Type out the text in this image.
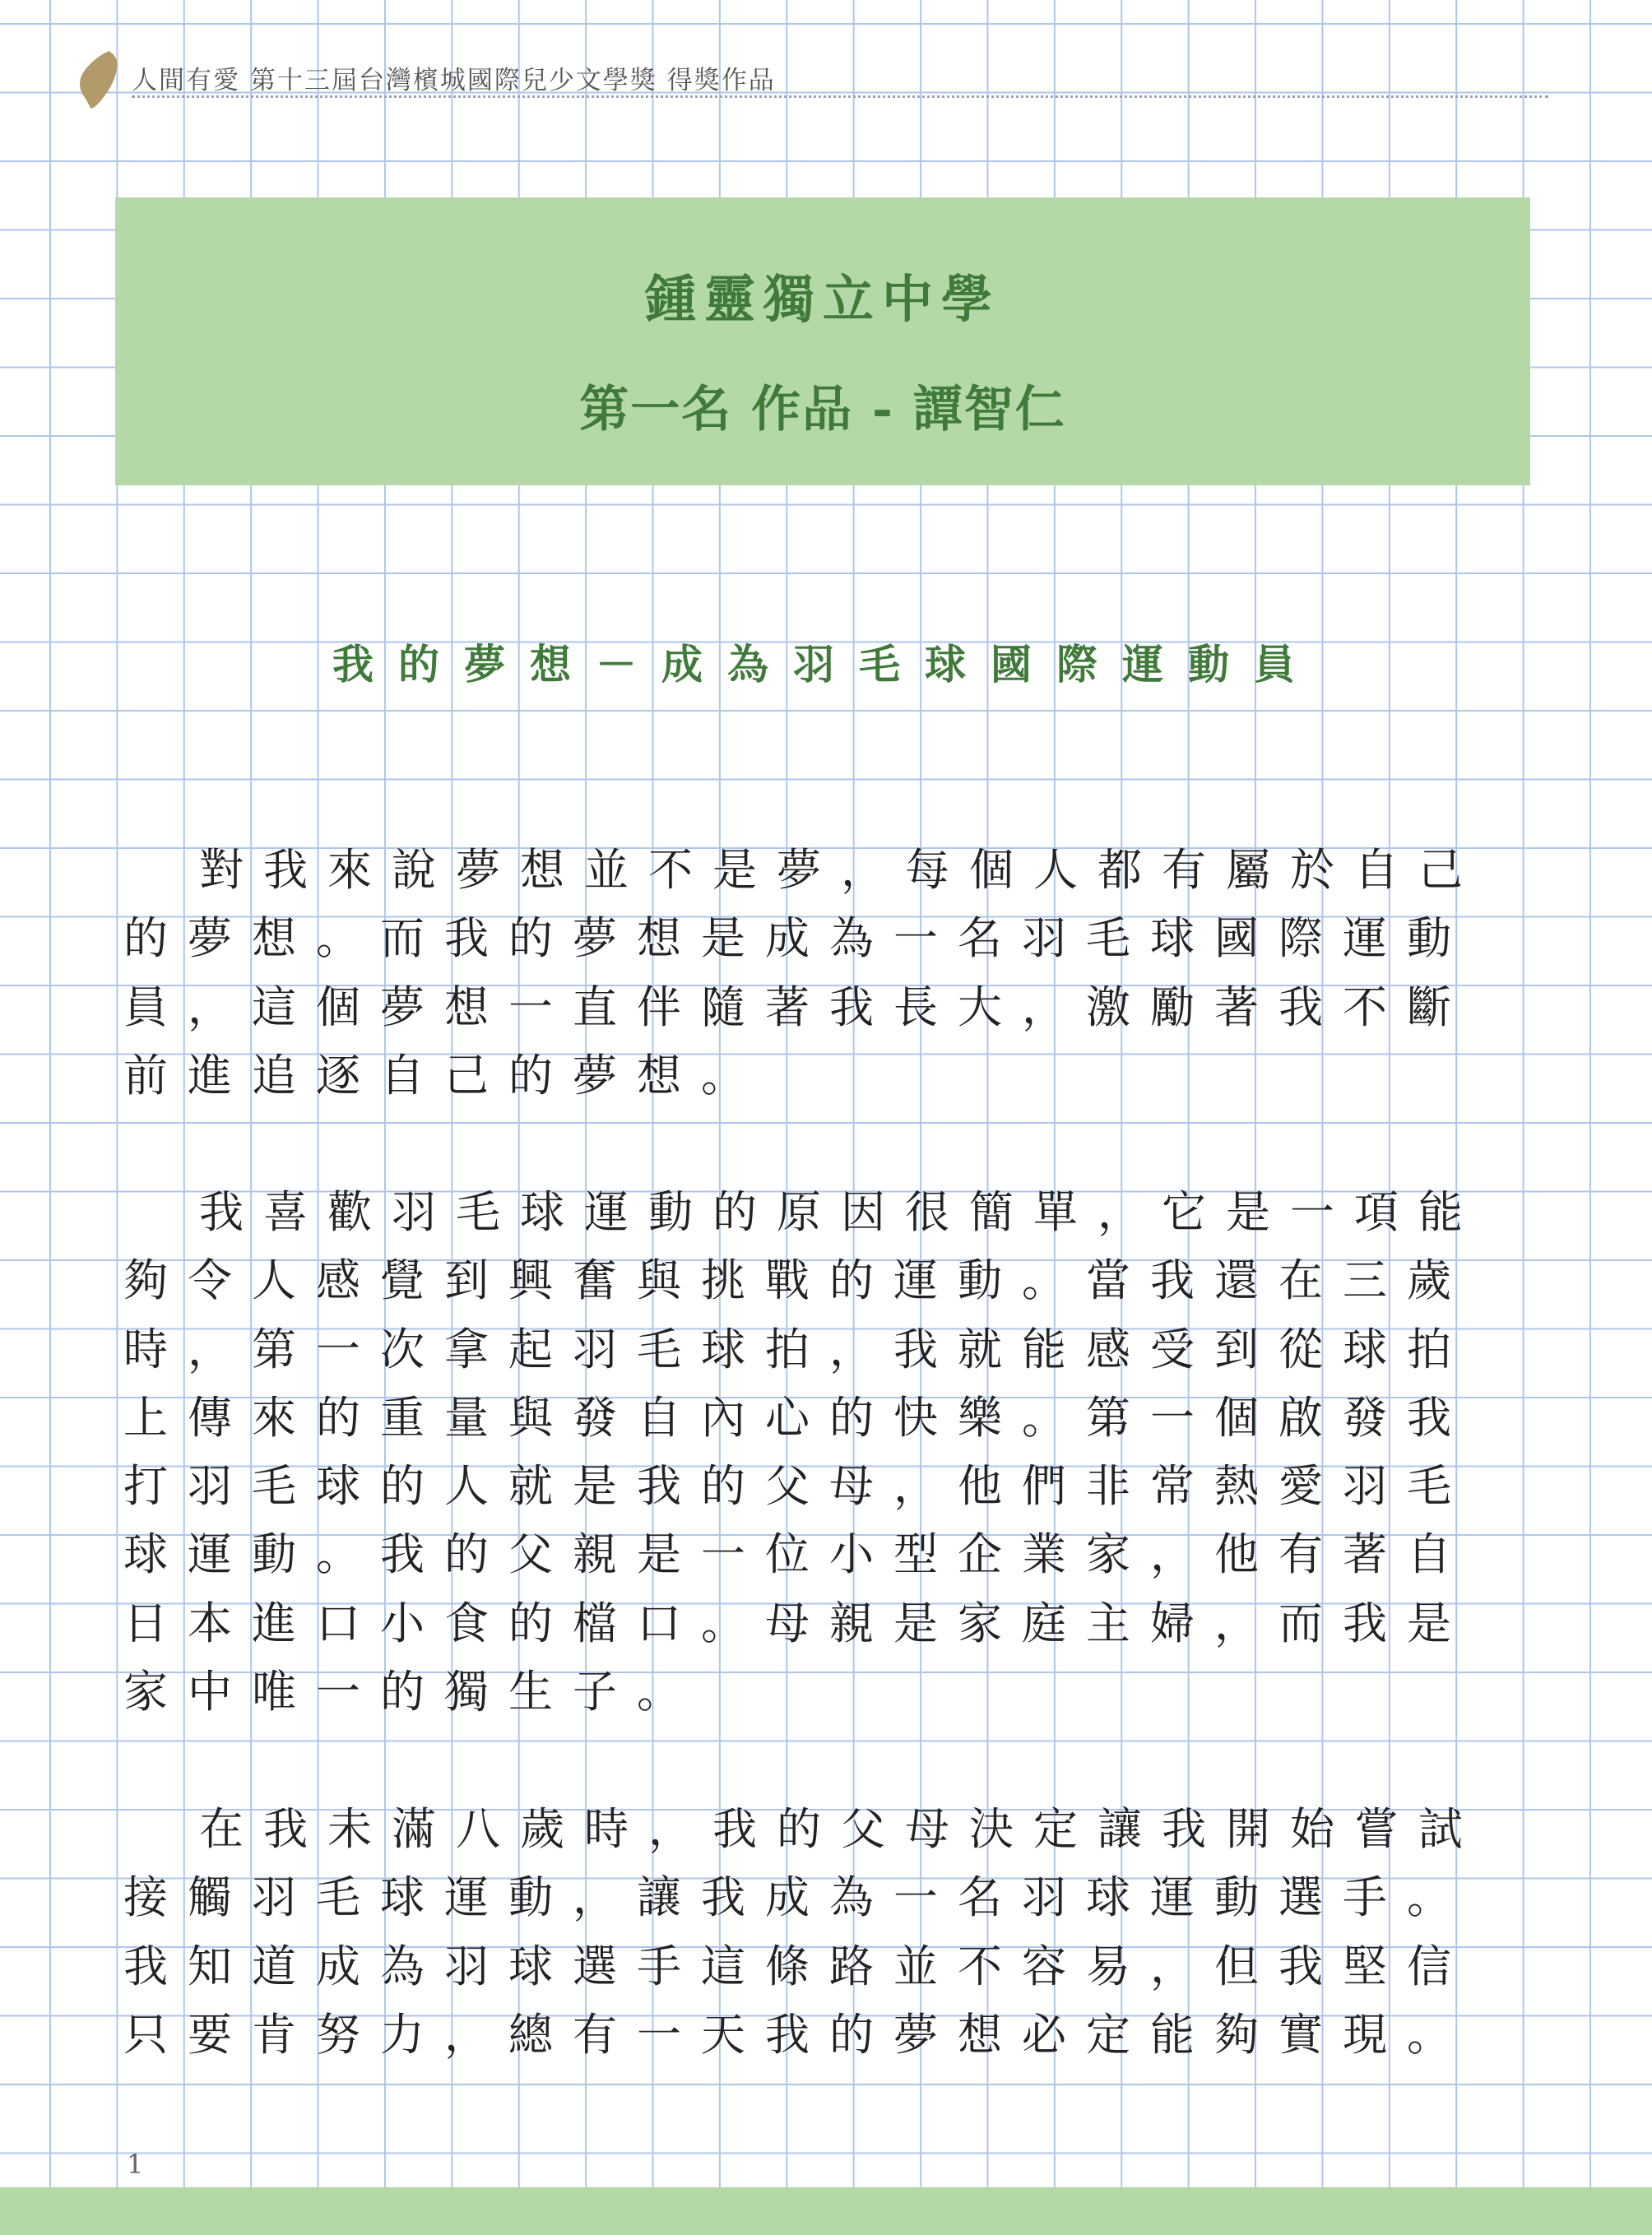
人間有愛 第十三屆台灣檳城國際兒少文學獎 得獎作品
鍾靈獨立中學
第一名 作品 - 譚智仁
我的夢想－成為羽毛球國際運動員
對我來說夢想並不是夢，每個人都有屬於自己
的夢想。而我的夢想是成為一名羽毛球國際運動
員，這個夢想一直伴隨著我長大，激勵著我不斷
前進追逐自己的夢想。
我喜歡羽毛球運動的原因很簡單，它是一項能
夠令人感覺到興奮與挑戰的運動。當我還在三歲
時，第一次拿起羽毛球拍，我就能感受到從球拍
上傳來的重量與發自內心的快樂。第一個啟發我
打羽毛球的人就是我的父母，他們非常熱愛羽毛
球運動。我的父親是一位小型企業家，他有著自
日本進口小食的檔口。母親是家庭主婦，而我是
家中唯一的獨生子。
在我未滿八歲時，我的父母決定讓我開始嘗試
接觸羽毛球運動，讓我成為一名羽球運動選手。
我知道成為羽球選手這條路並不容易，但我堅信
只要肯努力，總有一天我的夢想必定能夠實現。
1
